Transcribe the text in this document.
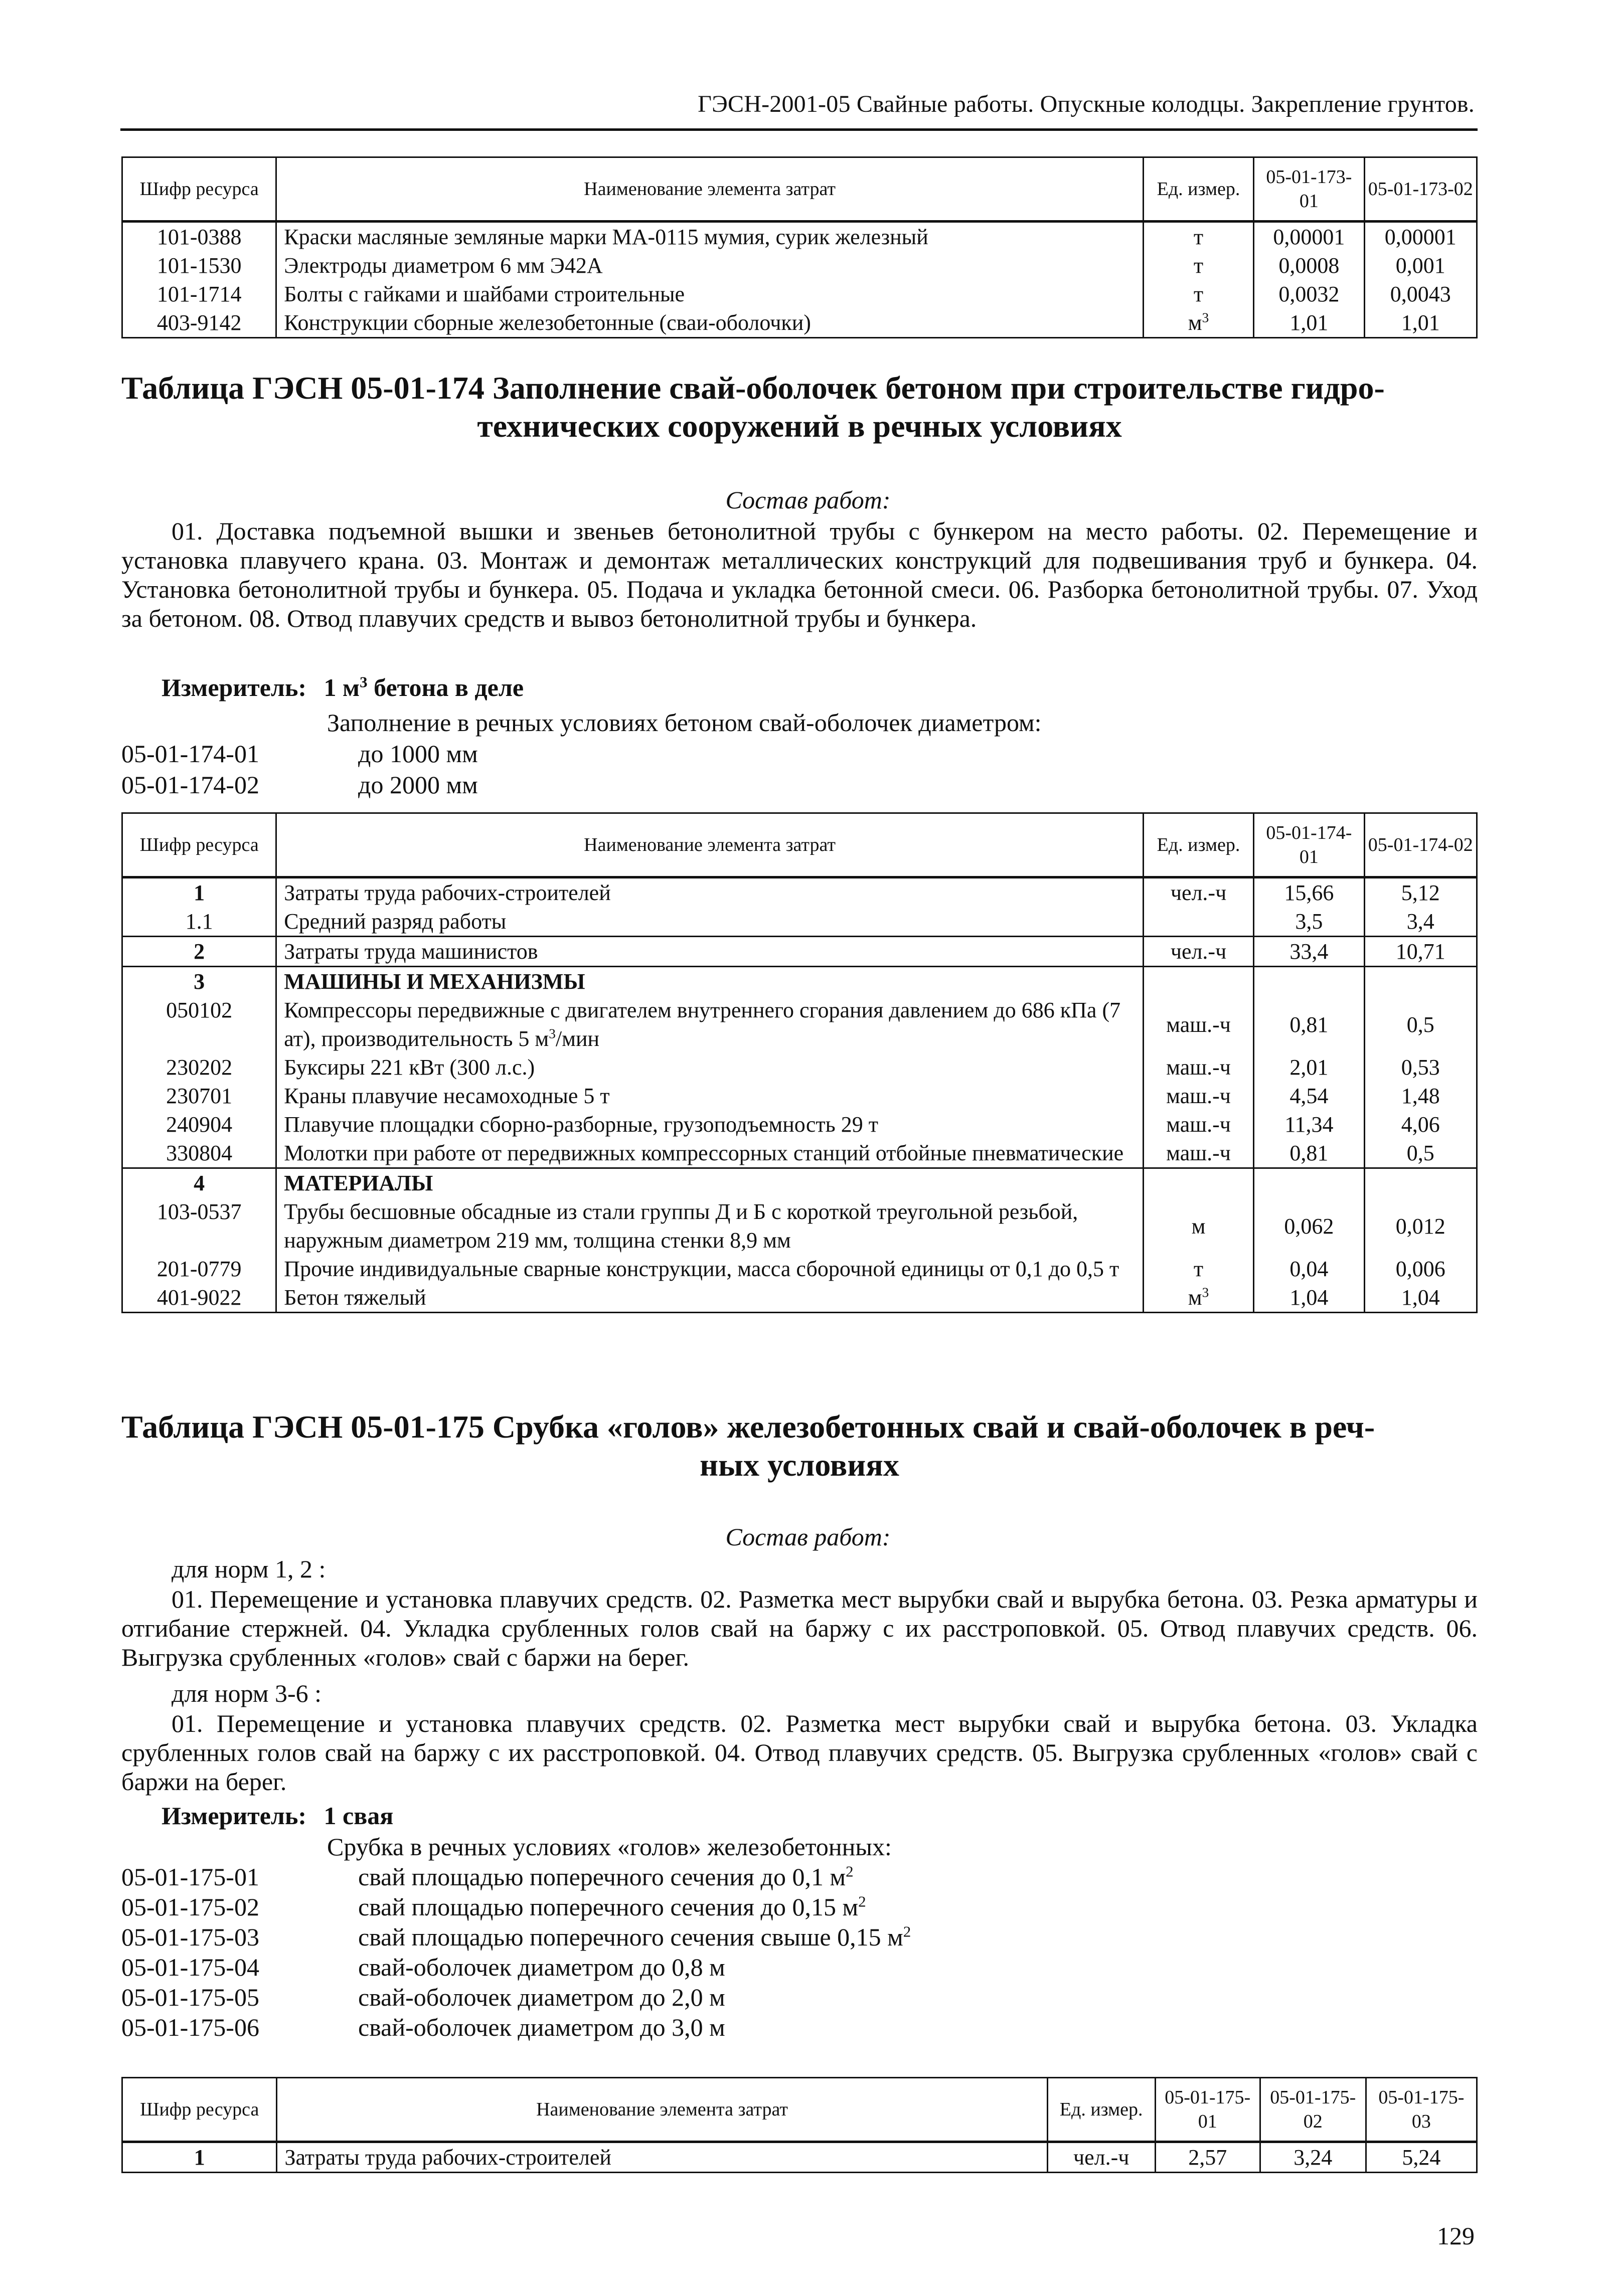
ГЭСН-2001-05 Свайные работы. Опускные колодцы. Закрепление грунтов.
Шифр ресурса	Наименование элемента затрат	Ед. измер.	05-01-173-01	05-01-173-02
101-0388	Краски масляные земляные марки МА-0115 мумия, сурик железный	т	0,00001	0,00001
101-1530	Электроды диаметром 6 мм Э42А	т	0,0008	0,001
101-1714	Болты с гайками и шайбами строительные	т	0,0032	0,0043
403-9142	Конструкции сборные железобетонные (сваи-оболочки)	$м^3$	1,01	1,01
Таблица ГЭСН 05-01-174 Заполнение свай-оболочек бетоном при строительстве гидро-
технических сооружений в речных условиях
Состав работ:

01. Доставка подъемной вышки и звеньев бетонолитной трубы с бункером на место работы. 02. Перемещение и установка плавучего крана. 03. Монтаж и демонтаж металлических конструкций для подвешивания труб и бункера. 04. Установка бетонолитной трубы и бункера. 05. Подача и укладка бетонной смеси. 06. Разборка бетонолитной трубы. 07. Уход за бетоном. 08. Отвод плавучих средств и вывоз бетонолитной трубы и бункера.

Измеритель: 1 $м^3$ бетона в деле
Заполнение в речных условиях бетоном свай-оболочек диаметром:
05-01-174-01	до 1000 мм
05-01-174-02	до 2000 мм
Шифр ресурса	Наименование элемента затрат	Ед. измер.	05-01-174-01	05-01-174-02
1	Затраты труда рабочих-строителей	чел.-ч	15,66	5,12
1.1	Средний разряд работы		3,5	3,4
2	Затраты труда машинистов	чел.-ч	33,4	10,71
3	МАШИНЫ И МЕХАНИЗМЫ			
050102	Компрессоры передвижные с двигателем внутреннего сгорания давлением до 686 кПа (7 ат), производительность 5 $м^3$/мин	маш.-ч	0,81	0,5
230202	Буксиры 221 кВт (300 л.с.)	маш.-ч	2,01	0,53
230701	Краны плавучие несамоходные 5 т	маш.-ч	4,54	1,48
240904	Плавучие площадки сборно-разборные, грузоподъемность 29 т	маш.-ч	11,34	4,06
330804	Молотки при работе от передвижных компрессорных станций отбойные пневматические	маш.-ч	0,81	0,5
4	МАТЕРИАЛЫ			
103-0537	Трубы бесшовные обсадные из стали группы Д и Б с короткой треугольной резьбой, наружным диаметром 219 мм, толщина стенки 8,9 мм	м	0,062	0,012
201-0779	Прочие индивидуальные сварные конструкции, масса сборочной единицы от 0,1 до 0,5 т	т	0,04	0,006
401-9022	Бетон тяжелый	$м^3$	1,04	1,04
Таблица ГЭСН 05-01-175 Срубка «голов» железобетонных свай и свай-оболочек в реч-
ных условиях
Состав работ:
для норм 1, 2 :

01. Перемещение и установка плавучих средств. 02. Разметка мест вырубки свай и вырубка бетона. 03. Резка арматуры и отгибание стержней. 04. Укладка срубленных голов свай на баржу с их расстроповкой. 05. Отвод плавучих средств. 06. Выгрузка срубленных «голов» свай с баржи на берег.

для норм 3-6 :

01. Перемещение и установка плавучих средств. 02. Разметка мест вырубки свай и вырубка бетона. 03. Укладка срубленных голов свай на баржу с их расстроповкой. 04. Отвод плавучих средств. 05. Выгрузка срубленных «голов» свай с баржи на берег.

Измеритель: 1 свая
Срубка в речных условиях «голов» железобетонных:
05-01-175-01	свай площадью поперечного сечения до 0,1 $м^2$
05-01-175-02	свай площадью поперечного сечения до 0,15 $м^2$
05-01-175-03	свай площадью поперечного сечения свыше 0,15 $м^2$
05-01-175-04	свай-оболочек диаметром до 0,8 м
05-01-175-05	свай-оболочек диаметром до 2,0 м
05-01-175-06	свай-оболочек диаметром до 3,0 м
Шифр ресурса	Наименование элемента затрат	Ед. измер.	05-01-175-01	05-01-175-02	05-01-175-03
1	Затраты труда рабочих-строителей	чел.-ч	2,57	3,24	5,24
129
